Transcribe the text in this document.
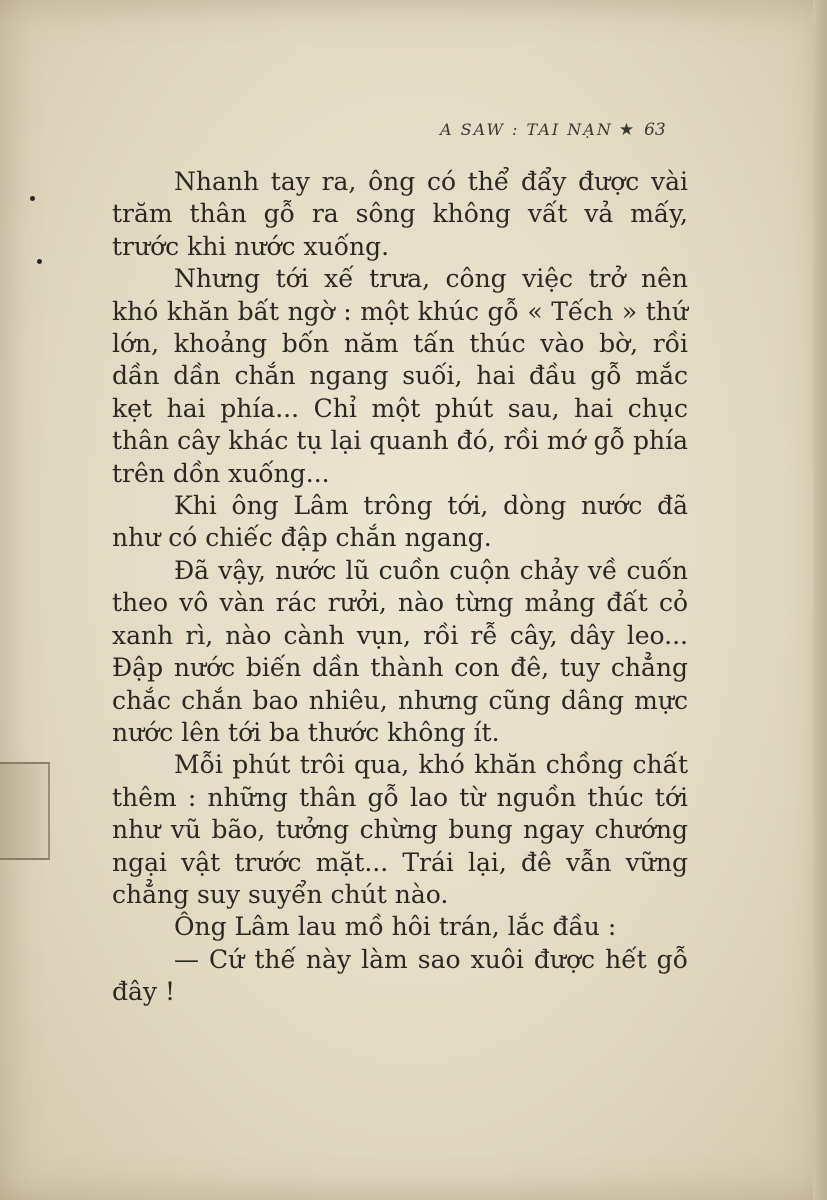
A SAW : TAI NẠN ★ 63

Nhanh tay ra, ông có thể đẩy được vài trăm thân gỗ ra sông không vất vả mấy, trước khi nước xuống.

Nhưng tới xế trưa, công việc trở nên khó khăn bất ngờ : một khúc gỗ « Tếch » thứ lớn, khoảng bốn năm tấn thúc vào bờ, rồi dần dần chắn ngang suối, hai đầu gỗ mắc kẹt hai phía... Chỉ một phút sau, hai chục thân cây khác tụ lại quanh đó, rồi mớ gỗ phía trên dồn xuống...

Khi ông Lâm trông tới, dòng nước đã như có chiếc đập chắn ngang.

Đã vậy, nước lũ cuồn cuộn chảy về cuốn theo vô vàn rác rưởi, nào từng mảng đất cỏ xanh rì, nào cành vụn, rồi rễ cây, dây leo... Đập nước biến dần thành con đê, tuy chẳng chắc chắn bao nhiêu, nhưng cũng dâng mực nước lên tới ba thước không ít.

Mỗi phút trôi qua, khó khăn chồng chất thêm : những thân gỗ lao từ nguồn thúc tới như vũ bão, tưởng chừng bung ngay chướng ngại vật trước mặt... Trái lại, đê vẫn vững chẳng suy suyển chút nào.

Ông Lâm lau mồ hôi trán, lắc đầu :

— Cứ thế này làm sao xuôi được hết gỗ đây !
